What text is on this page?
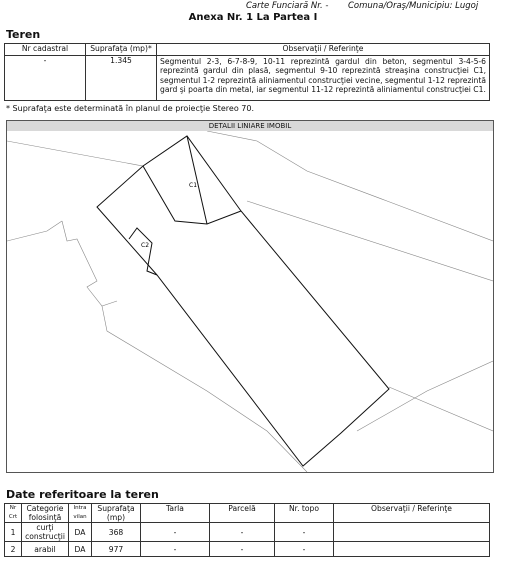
Carte Funciară Nr. - Comuna/Oraş/Municipiu: Lugoj
Anexa Nr. 1 La Partea I
Teren
Nr cadastral	Suprafaţa (mp)*	Observaţii / Referinţe
-	1.345	Segmentul 2-3, 6-7-8-9, 10-11 reprezintă gardul din beton, segmentul 3-4-5-6 reprezintă gardul din plasă, segmentul 9-10 reprezintă streaşina construcţiei C1, segmentul 1-2 reprezintă aliniamentul construcţiei vecine, segmentul 1-12 reprezintă gard şi poarta din metal, iar segmentul 11-12 reprezintă aliniamentul construcţiei C1.
* Suprafaţa este determinată în planul de proiecţie Stereo 70.
DETALII LINIARE IMOBIL
C1
C2
Date referitoare la teren
Nr Crt	Categorie folosinţă	Intra vilan	Suprafaţa (mp)	Tarla	Parcelă	Nr. topo	Observaţii / Referinţe
1	curţi construcţii	DA	368	-	-	-	
2	arabil	DA	977	-	-	-	
